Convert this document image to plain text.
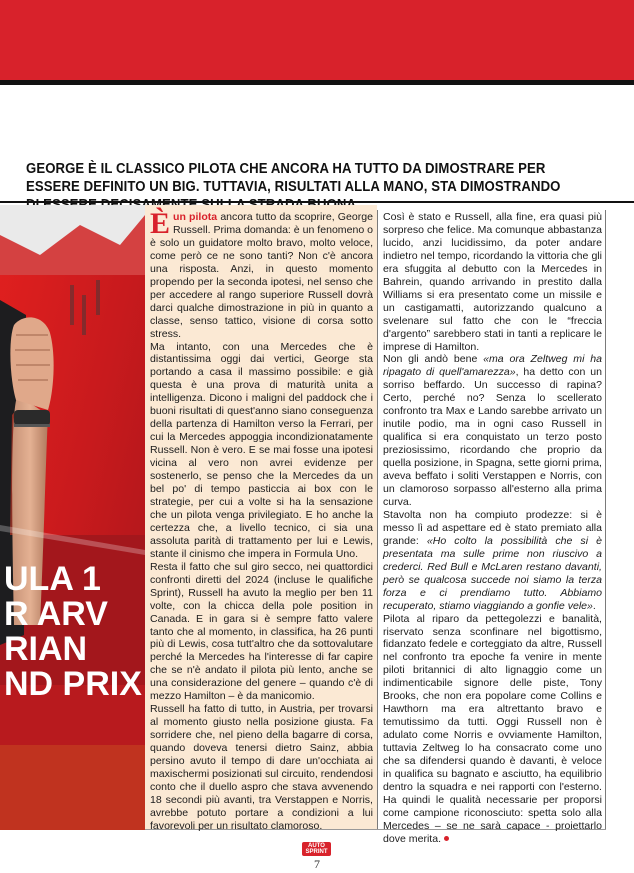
GEORGE È IL CLASSICO PILOTA CHE ANCORA HA TUTTO DA DIMOSTRARE PER ESSERE DEFINITO UN BIG. TUTTAVIA, RISULTATI ALLA MANO, STA DIMOSTRANDO
ULA 1
R ARV
RIAN
ND PRIX

Èun pilota ancora tutto da scoprire, George Russell. Prima domanda: è un fenomeno o è solo un guidatore molto bravo, molto veloce, come però ce ne sono tanti? Non c'è ancora una risposta. Anzi, in questo momento propendo per la seconda ipotesi, nel senso che per accedere al rango superiore Russell dovrà darci qualche dimostrazione in più in quanto a classe, senso tattico, visione di corsa sotto stress.

Ma intanto, con una Mercedes che è distantissima oggi dai vertici, George sta portando a casa il massimo possibile: e già questa è una prova di maturità unita a intelligenza. Dicono i maligni del paddock che i buoni risultati di quest'anno siano conseguenza della partenza di Hamilton verso la Ferrari, per cui la Mercedes appoggia incondizionatamente Russell. Non è vero. E se mai fosse una ipotesi vicina al vero non avrei evidenze per sostenerlo, se penso che la Mercedes da un bel po' di tempo pasticcia ai box con le strategie, per cui a volte si ha la sensazione che un pilota venga privilegiato. E ho anche la certezza che, a livello tecnico, ci sia una assoluta parità di trattamento per lui e Lewis, stante il cinismo che impera in Formula Uno.

Resta il fatto che sul giro secco, nei quattordici confronti diretti del 2024 (incluse le qualifiche Sprint), Russell ha avuto la meglio per ben 11 volte, con la chicca della pole position in Canada. E in gara si è sempre fatto valere tanto che al momento, in classifica, ha 26 punti più di Lewis, cosa tutt'altro che da sottovalutare perché la Mercedes ha l'interesse di far capire che se n'è andato il pilota più lento, anche se una considerazione del genere – quando c'è di mezzo Hamilton – è da manicomio.

Russell ha fatto di tutto, in Austria, per trovarsi al momento giusto nella posizione giusta. Fa sorridere che, nel pieno della bagarre di corsa, quando doveva tenersi dietro Sainz, abbia persino avuto il tempo di dare un'occhiata ai maxischermi posizionati sul circuito, rendendosi conto che il duello aspro che stava avvenendo 18 secondi più avanti, tra Verstappen e Norris, avrebbe potuto portare a condizioni a lui favorevoli per un risultato clamoroso.

Così è stato e Russell, alla fine, era quasi più sorpreso che felice. Ma comunque abbastanza lucido, anzi lucidissimo, da poter andare indietro nel tempo, ricordando la vittoria che gli era sfuggita al debutto con la Mercedes in Bahrein, quando arrivando in prestito dalla Williams si era presentato come un missile e un castigamatti, autorizzando qualcuno a svelenare sul fatto che con le “freccia d'argento” sarebbero stati in tanti a replicare le imprese di Hamilton.

Non gli andò bene «ma ora Zeltweg mi ha ripagato di quell'amarezza», ha detto con un sorriso beffardo. Un successo di rapina? Certo, perché no? Senza lo scellerato confronto tra Max e Lando sarebbe arrivato un inutile podio, ma in ogni caso Russell in qualifica si era conquistato un terzo posto preziosissimo, ricordando che proprio da quella posizione, in Spagna, sette giorni prima, aveva beffato i soliti Verstappen e Norris, con un clamoroso sorpasso all'esterno alla prima curva.

Stavolta non ha compiuto prodezze: si è messo lì ad aspettare ed è stato premiato alla grande: «Ho colto la possibilità che si è presentata ma sulle prime non riuscivo a crederci. Red Bull e McLaren restano davanti, però se qualcosa succede noi siamo la terza forza e ci prendiamo tutto. Abbiamo recuperato, stiamo viaggiando a gonfie vele».

Pilota al riparo da pettegolezzi e banalità, riservato senza sconfinare nel bigottismo, fidanzato fedele e corteggiato da altre, Russell nel confronto tra epoche fa venire in mente piloti britannici di alto lignaggio come un indimenticabile signore delle piste, Tony Brooks, che non era popolare come Collins e Hawthorn ma era altrettanto bravo e temutissimo da tutti. Oggi Russell non è adulato come Norris e ovviamente Hamilton, tuttavia Zeltweg lo ha consacrato come uno che sa difendersi quando è davanti, è veloce in qualifica su bagnato e asciutto, ha equilibrio dentro la squadra e nei rapporti con l'esterno. Ha quindi le qualità necessarie per proporsi come campione riconosciuto: spetta solo alla Mercedes – se ne sarà capace - proiettarlo dove merita.

AUTO
SPRINT
7
